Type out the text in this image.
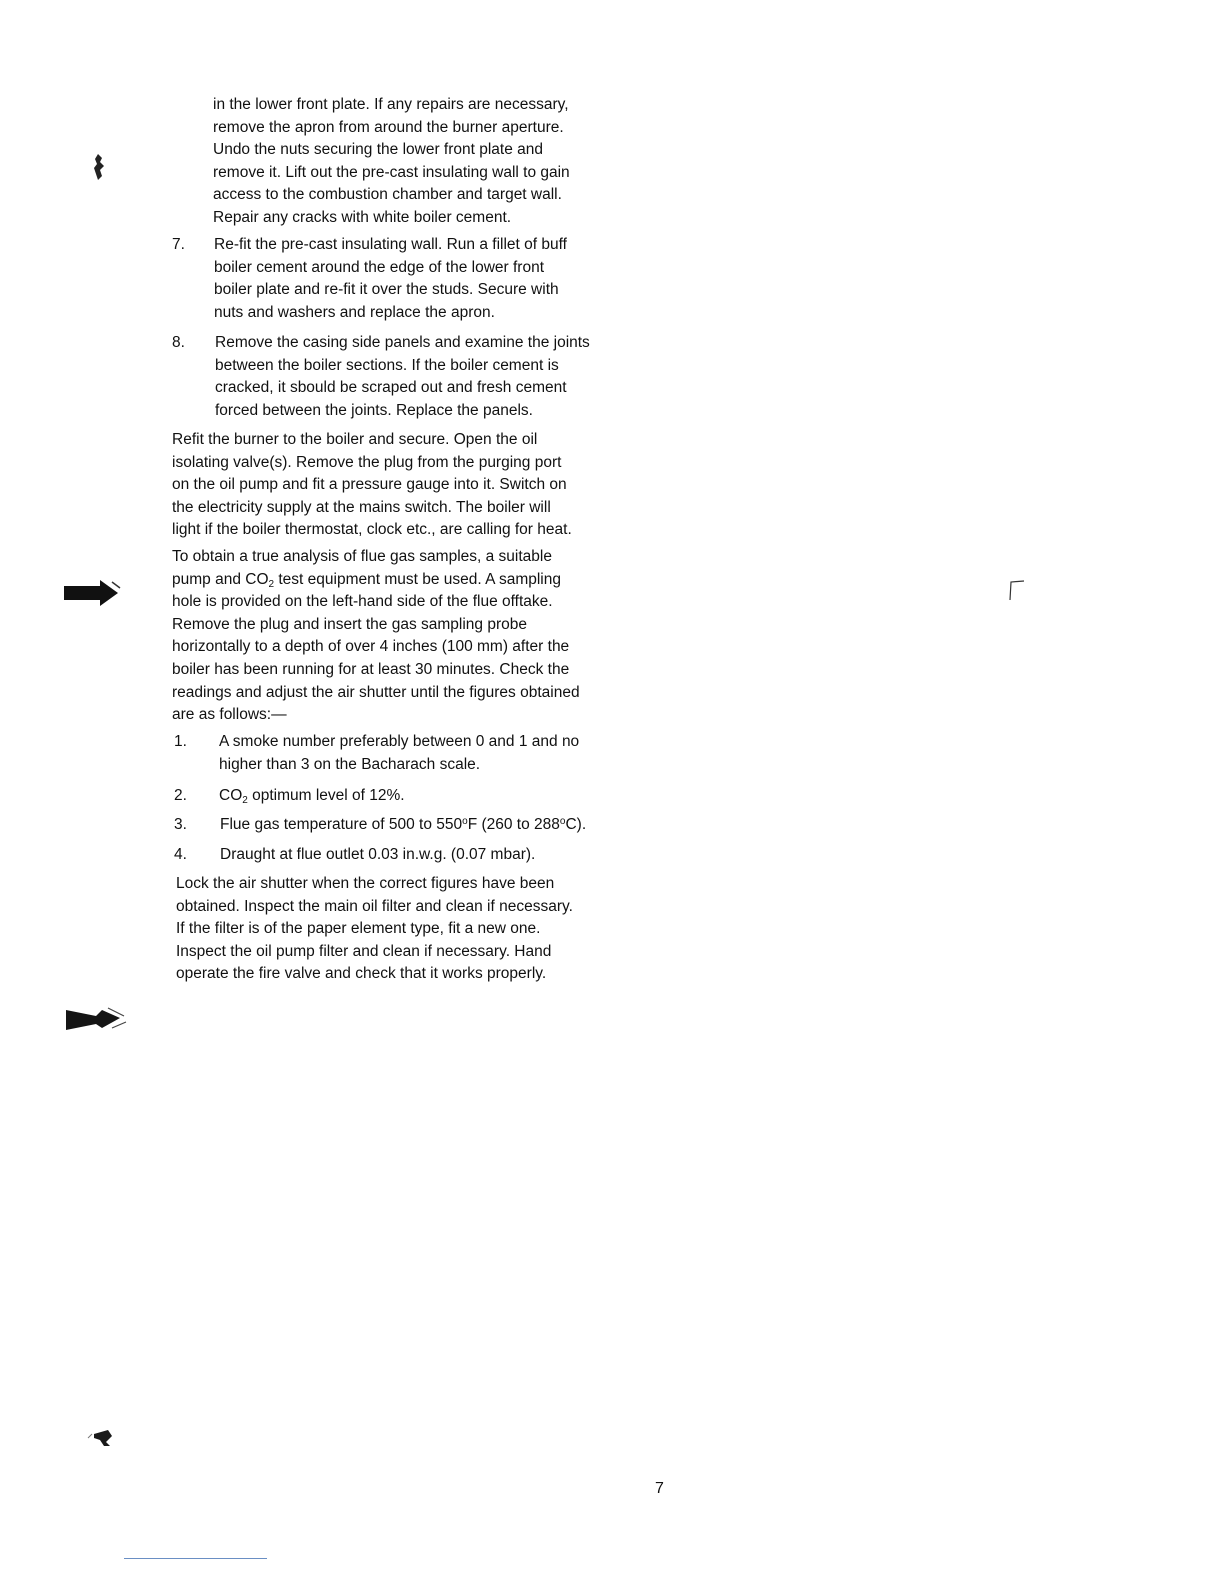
in the lower front plate. If any repairs are necessary,
remove the apron from around the burner aperture.
Undo the nuts securing the lower front plate and
remove it. Lift out the pre-cast insulating wall to gain
access to the combustion chamber and target wall.
Repair any cracks with white boiler cement.
7. Re-fit the pre-cast insulating wall. Run a fillet of buff
boiler cement around the edge of the lower front
boiler plate and re-fit it over the studs. Secure with
nuts and washers and replace the apron.
8. Remove the casing side panels and examine the joints
between the boiler sections. If the boiler cement is
cracked, it sbould be scraped out and fresh cement
forced between the joints. Replace the panels.
Refit the burner to the boiler and secure. Open the oil
isolating valve(s). Remove the plug from the purging port
on the oil pump and fit a pressure gauge into it. Switch on
the electricity supply at the mains switch. The boiler will
light if the boiler thermostat, clock etc., are calling for heat.
To obtain a true analysis of flue gas samples, a suitable
pump and $CO_2$ test equipment must be used. A sampling
hole is provided on the left-hand side of the flue offtake.
Remove the plug and insert the gas sampling probe
horizontally to a depth of over 4 inches (100 mm) after the
boiler has been running for at least 30 minutes. Check the
readings and adjust the air shutter until the figures obtained
are as follows:—
1. A smoke number preferably between 0 and 1 and no
higher than 3 on the Bacharach scale.
2. $CO_2$ optimum level of 12%.
3. Flue gas temperature of 500 to 550$^o$F (260 to 288$^o$C).
4. Draught at flue outlet 0.03 in.w.g. (0.07 mbar).
Lock the air shutter when the correct figures have been
obtained. Inspect the main oil filter and clean if necessary.
If the filter is of the paper element type, fit a new one.
Inspect the oil pump filter and clean if necessary. Hand
operate the fire valve and check that it works properly.
7
